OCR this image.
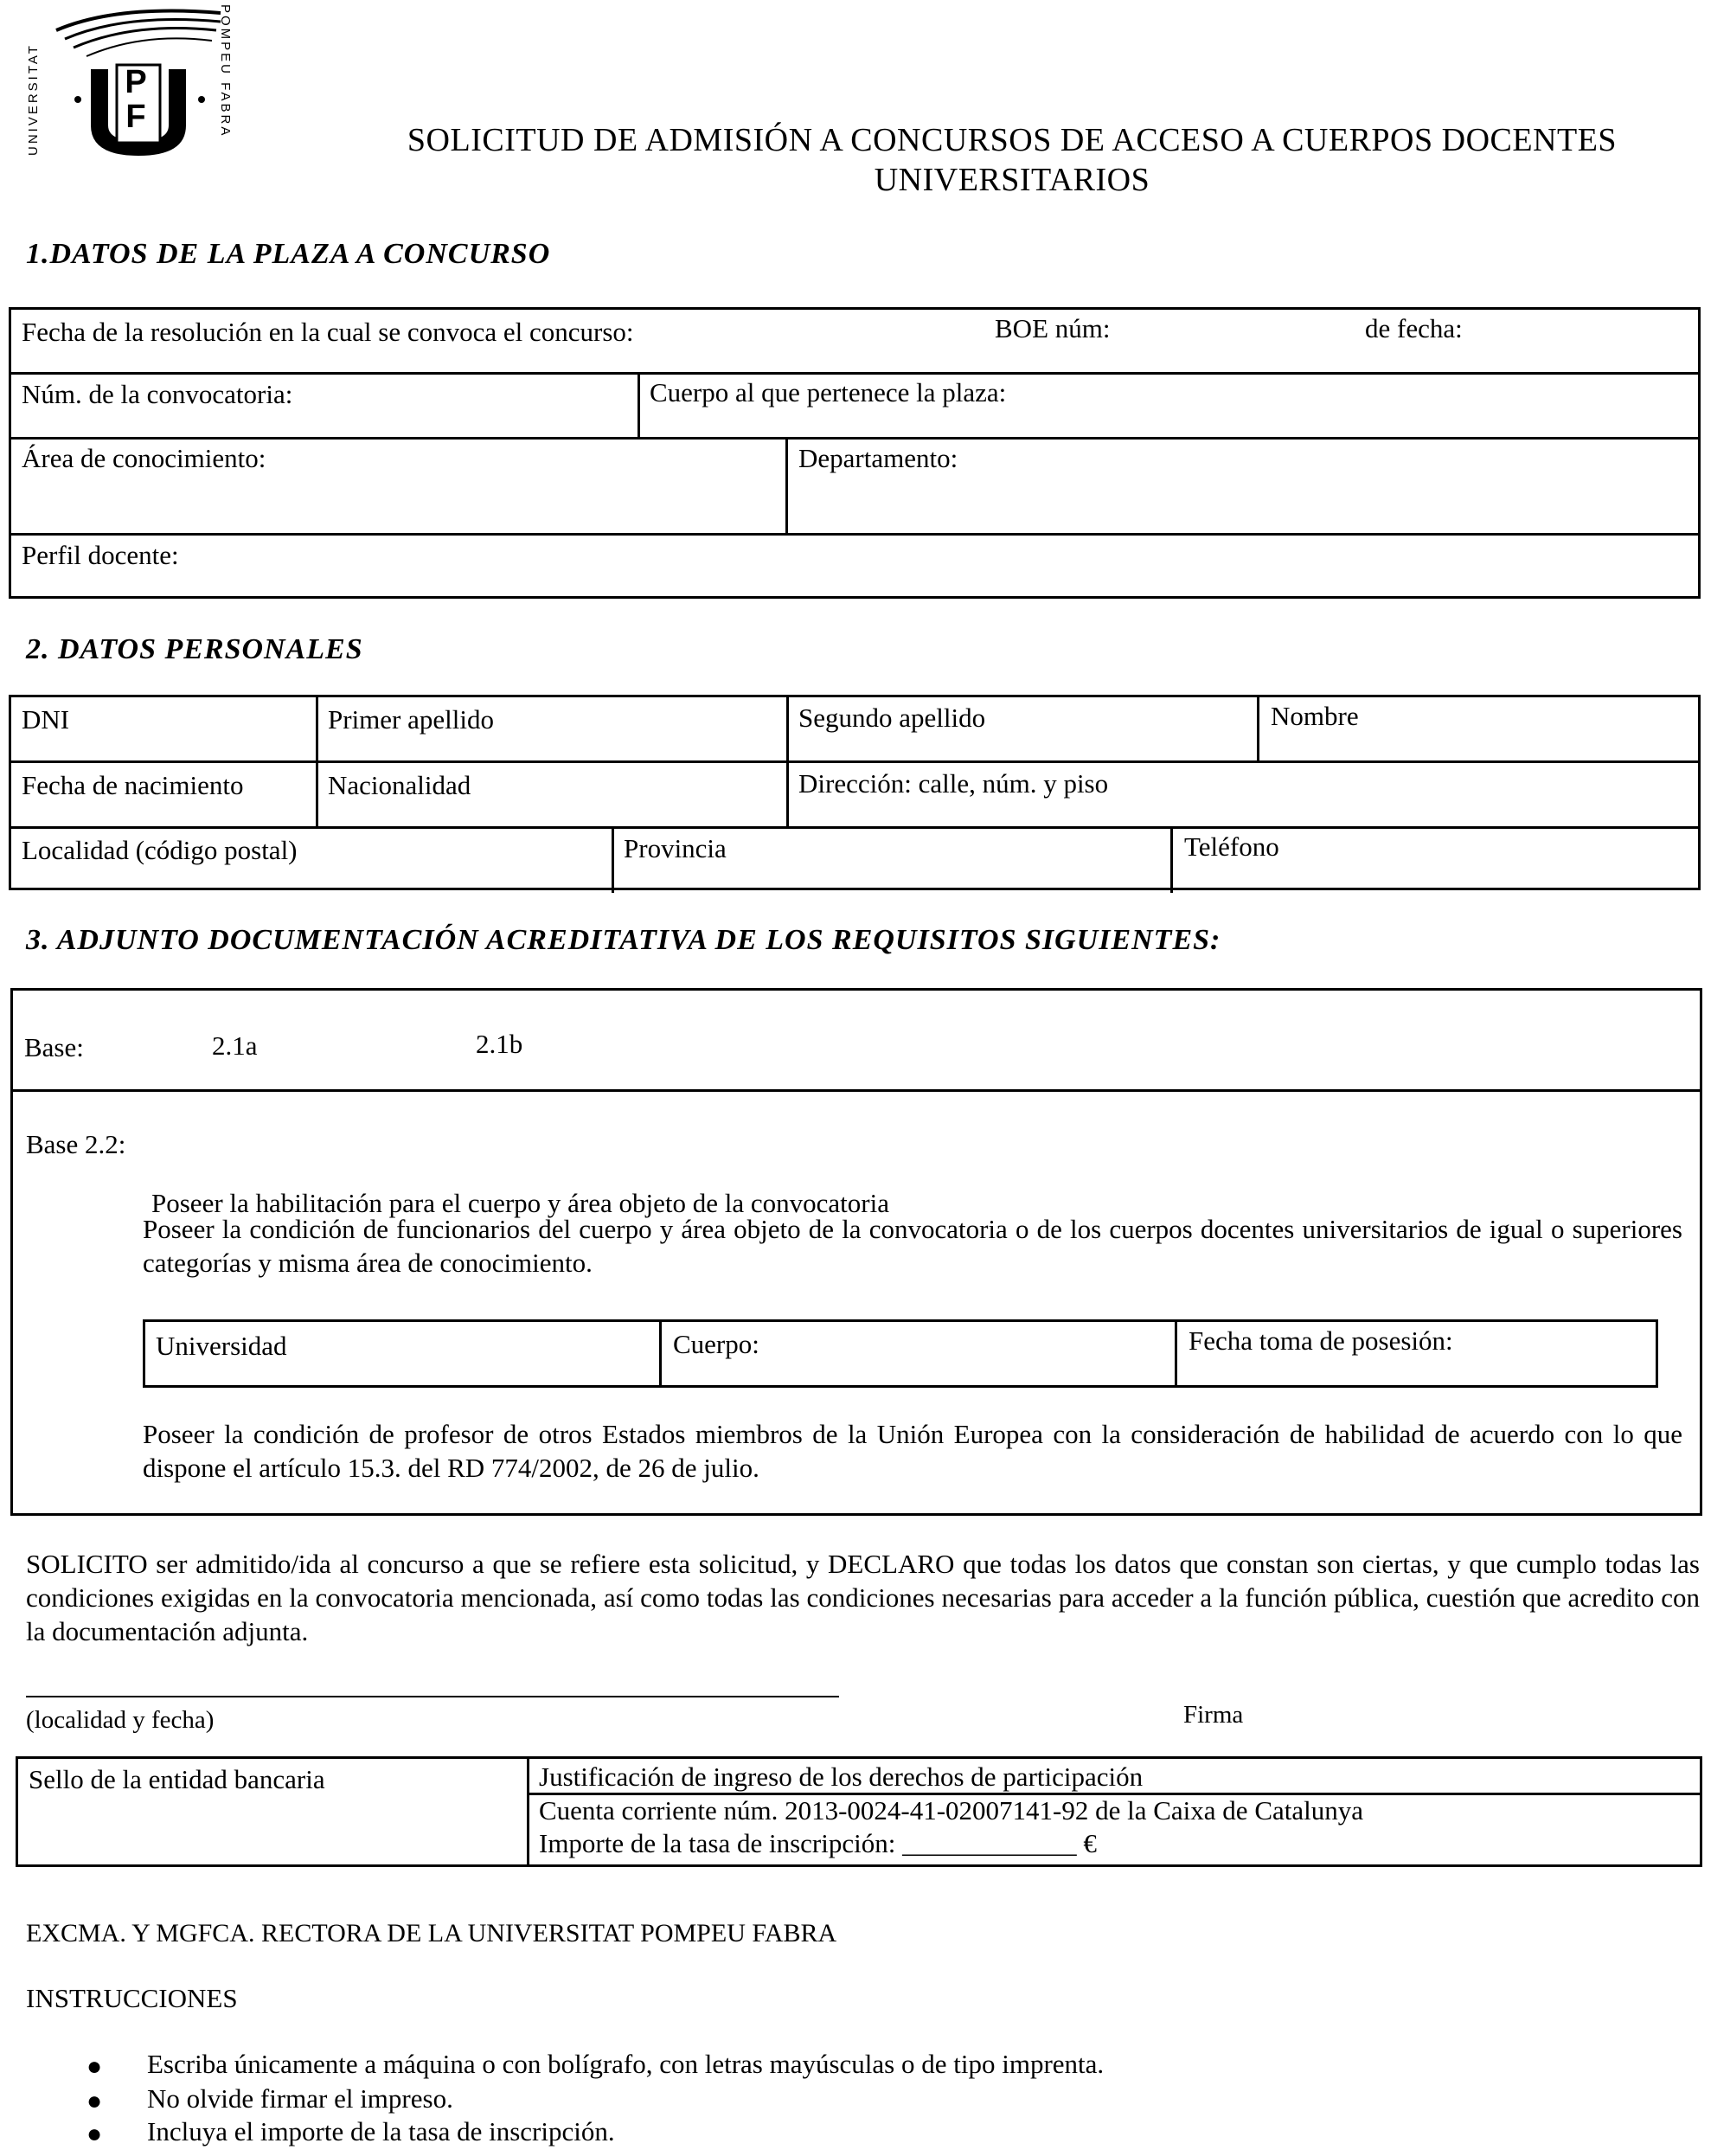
UNIVERSITAT	P F	POMPEU FABRA
SOLICITUD DE ADMISIÓN A CONCURSOS DE ACCESO A CUERPOS DOCENTES
UNIVERSITARIOS
1.DATOS DE LA PLAZA A CONCURSO
Fecha de la resolución en la cual se convoca el concurso:	BOE núm:	de fecha:
Núm. de la convocatoria:	Cuerpo al que pertenece la plaza:
Área de conocimiento:	Departamento:
Perfil docente:
2. DATOS PERSONALES
DNI	Primer apellido	Segundo apellido	Nombre
Fecha de nacimiento	Nacionalidad	Dirección: calle, núm. y piso
Localidad (código postal)	Provincia	Teléfono
3. ADJUNTO DOCUMENTACIÓN ACREDITATIVA DE LOS REQUISITOS SIGUIENTES:
Base:	2.1a	2.1b
Base 2.2:
Poseer la habilitación para el cuerpo y área objeto de la convocatoria
Poseer la condición de funcionarios del cuerpo y área objeto de la convocatoria o de los cuerpos docentes universitarios de igual o superiores categorías y misma área de conocimiento.
Universidad	Cuerpo:	Fecha toma de posesión:
Poseer la condición de profesor de otros Estados miembros de la Unión Europea con la consideración de habilidad de acuerdo con lo que dispone el artículo 15.3. del RD 774/2002, de 26 de julio.
SOLICITO ser admitido/ida al concurso a que se refiere esta solicitud, y DECLARO que todas los datos que constan son ciertas, y que cumplo todas las condiciones exigidas en la convocatoria mencionada, así como todas las condiciones necesarias para acceder a la función pública, cuestión que acredito con la documentación adjunta.
(localidad y fecha)	Firma
Sello de la entidad bancaria	Justificación de ingreso de los derechos de participación
Cuenta corriente núm. 2013-0024-41-02007141-92 de la Caixa de Catalunya
Importe de la tasa de inscripción: _____________ €
EXCMA. Y MGFCA. RECTORA DE LA UNIVERSITAT POMPEU FABRA
INSTRUCCIONES
● Escriba únicamente a máquina o con bolígrafo, con letras mayúsculas o de tipo imprenta.
● No olvide firmar el impreso.
● Incluya el importe de la tasa de inscripción.
